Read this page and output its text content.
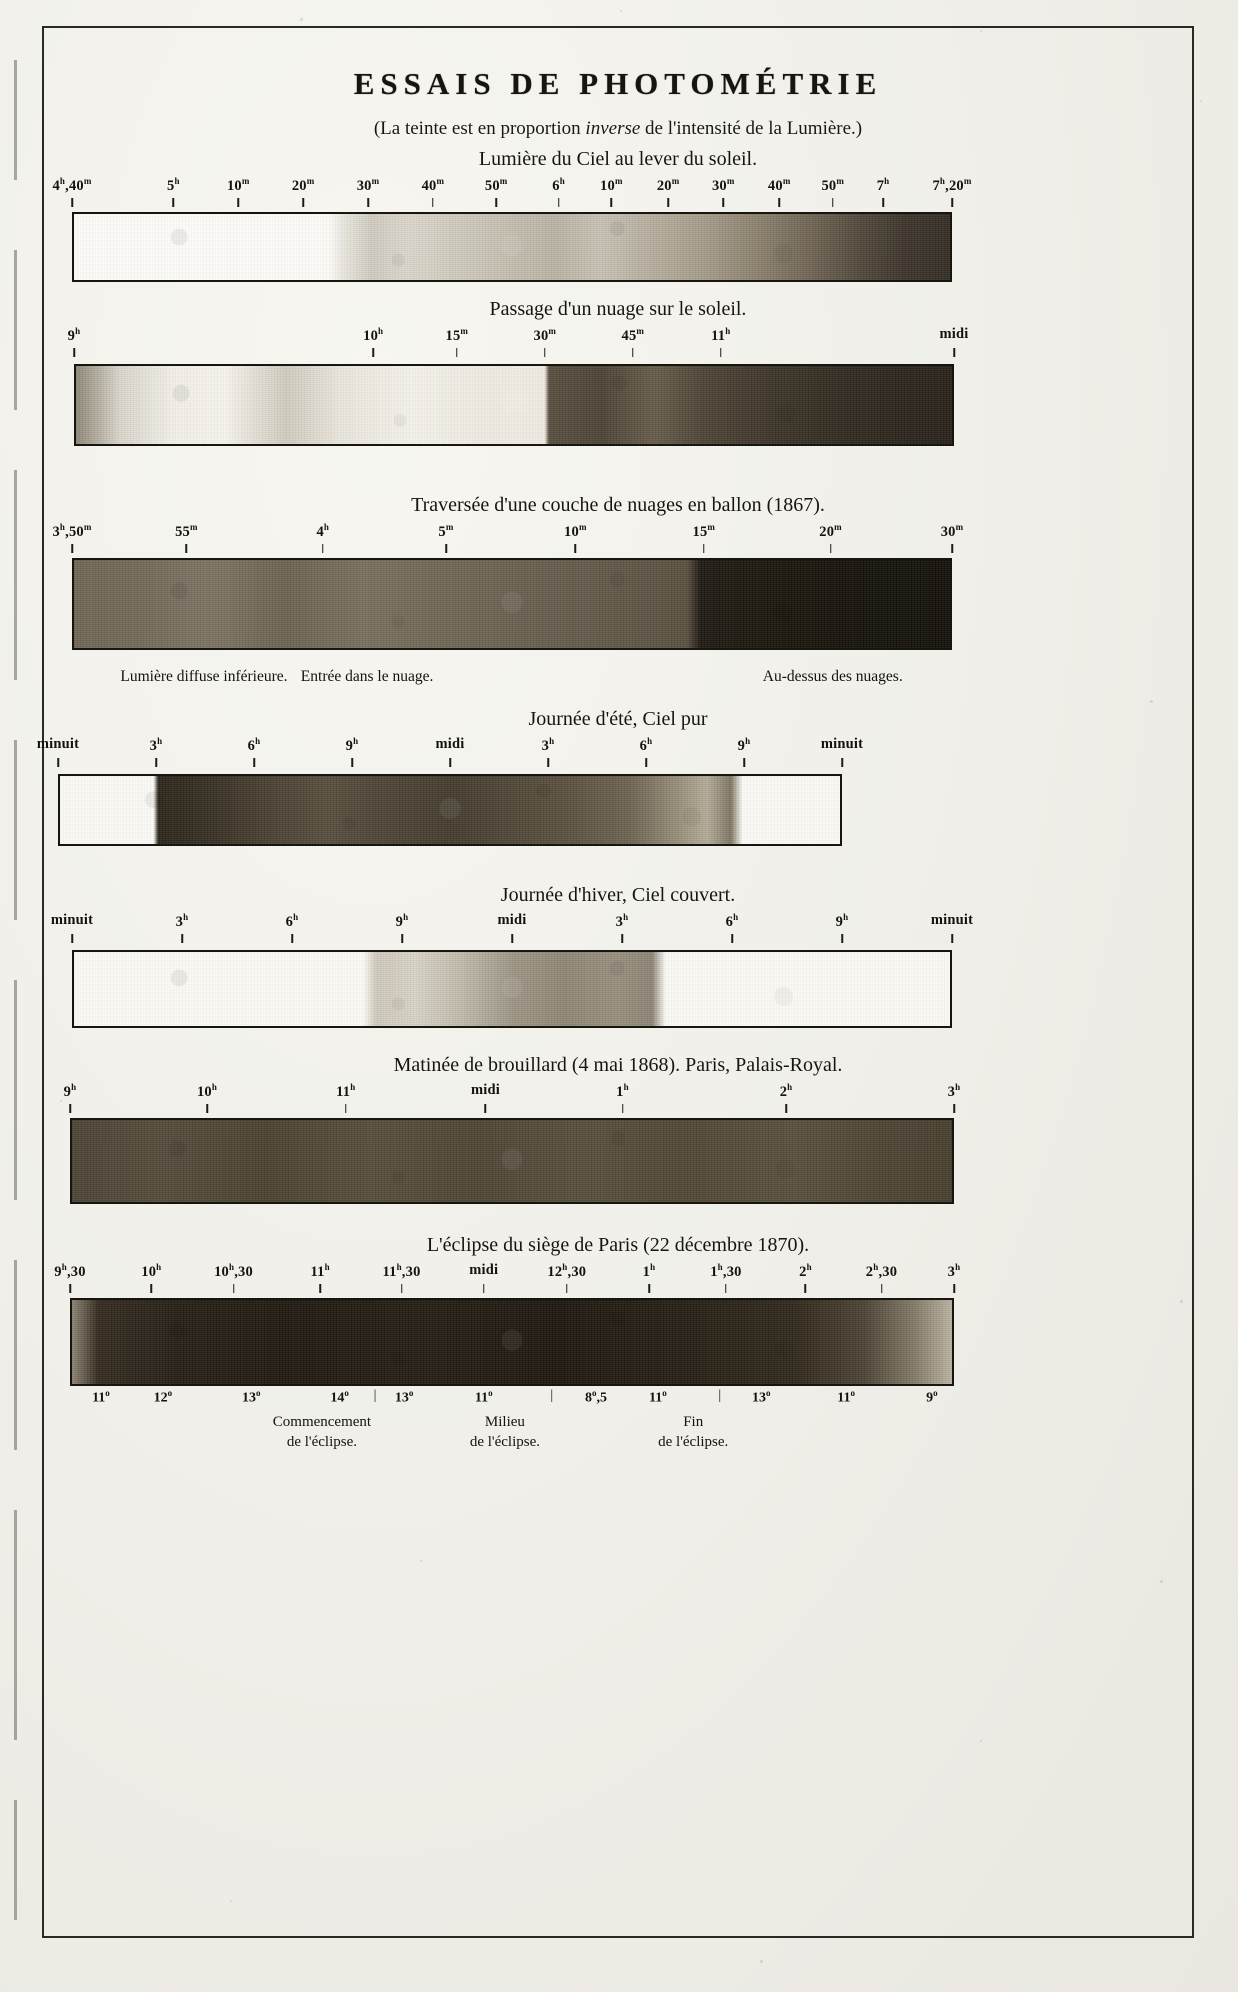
ESSAIS DE PHOTOMÉTRIE
(La teinte est en proportion inverse de l'intensité de la Lumière.)
Lumière du Ciel au lever du soleil.
4$^h$,40$^m$	5$^h$	10$^m$	20$^m$	30$^m$	40$^m$	50$^m$	6$^h$ 10$^m$ 20$^m$ 30$^m$ 40$^m$ 50$^m$ 7$^h$	7$^h$,20$^m$
Passage d'un nuage sur le soleil.
9$^h$	10$^h$	15$^m$	30$^m$	45$^m$	11$^h$	midi
Traversée d'une couche de nuages en ballon (1867).
3$^h$,50$^m$	55$^m$	4$^h$	5$^m$	10$^m$	15$^m$	20$^m$	30$^m$
Lumière diffuse inférieure. Entrée dans le nuage.	Au-dessus des nuages.
Journée d'été, Ciel pur
minuit	3$^h$	6$^h$	9$^h$	midi	3$^h$	6$^h$	9$^h$	minuit
Journée d'hiver, Ciel couvert.
minuit	3$^h$	6$^h$	9$^h$	midi	3$^h$	6$^h$	9$^h$	minuit
Matinée de brouillard (4 mai 1868). Paris, Palais-Royal.
9$^h$	10$^h$	11$^h$	midi	1$^h$	2$^h$	3$^h$
L'éclipse du siège de Paris (22 décembre 1870).
9$^h$,30	10$^h$	10$^h$,30	11$^h$	11$^h$,30	midi	12$^h$,30	1$^h$	1$^h$,30	2$^h$	2$^h$,30	3$^h$
11$^o$	12$^o$	13$^o$	14$^o$	13$^o$	11$^o$	8$^o$,5	11$^o$	13$^o$	11$^o$	9$^o$
|	|	|
Commencement
de l'éclipse.
Milieu
de l'éclipse.
Fin
de l'éclipse.
